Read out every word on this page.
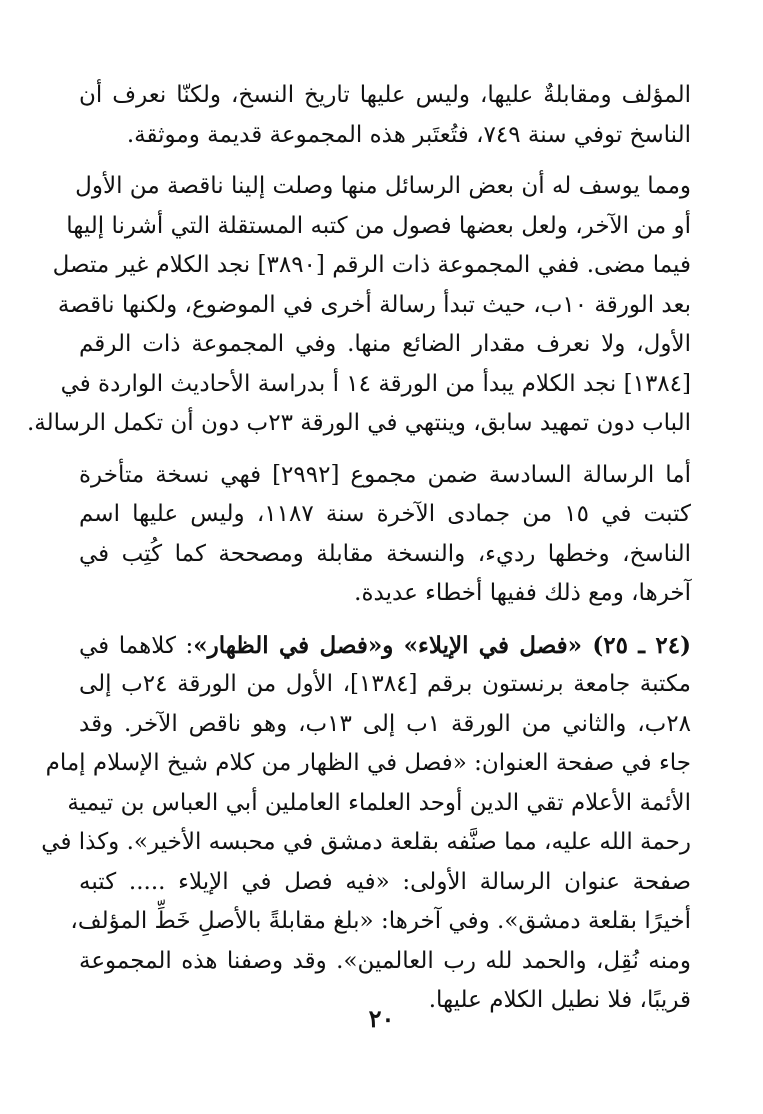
المؤلف ومقابلةٌ عليها، وليس عليها تاريخ النسخ، ولكنّا نعرف أن
الناسخ توفي سنة ٧٤٩، فتُعتَبر هذه المجموعة قديمة وموثقة.
ومما يوسف له أن بعض الرسائل منها وصلت إلينا ناقصة من الأول
أو من الآخر، ولعل بعضها فصول من كتبه المستقلة التي أشرنا إليها
فيما مضى. ففي المجموعة ذات الرقم [٣٨٩٠] نجد الكلام غير متصل
بعد الورقة ١٠ب، حيث تبدأ رسالة أخرى في الموضوع، ولكنها ناقصة
الأول، ولا نعرف مقدار الضائع منها. وفي المجموعة ذات الرقم
[١٣٨٤] نجد الكلام يبدأ من الورقة ١٤ أ بدراسة الأحاديث الواردة في
الباب دون تمهيد سابق، وينتهي في الورقة ٢٣ب دون أن تكمل الرسالة.
أما الرسالة السادسة ضمن مجموع [٢٩٩٢] فهي نسخة متأخرة
كتبت في ١٥ من جمادى الآخرة سنة ١١٨٧، وليس عليها اسم
الناسخ، وخطها رديء، والنسخة مقابلة ومصححة كما كُتِب في
آخرها، ومع ذلك ففيها أخطاء عديدة.
(٢٤ ـ ٢٥) «فصل في الإيلاء» و«فصل في الظهار»: كلاهما في
مكتبة جامعة برنستون برقم [١٣٨٤]، الأول من الورقة ٢٤ب إلى
٢٨ب، والثاني من الورقة ١ب إلى ١٣ب، وهو ناقص الآخر. وقد
جاء في صفحة العنوان: «فصل في الظهار من كلام شيخ الإسلام إمام
الأئمة الأعلام تقي الدين أوحد العلماء العاملين أبي العباس بن تيمية
رحمة الله عليه، مما صنَّفه بقلعة دمشق في محبسه الأخير». وكذا في
صفحة عنوان الرسالة الأولى: «فيه فصل في الإيلاء ..... كتبه
أخيرًا بقلعة دمشق». وفي آخرها: «بلغ مقابلةً بالأصلِ خَطِّ المؤلف،
ومنه نُقِل، والحمد لله رب العالمين». وقد وصفنا هذه المجموعة
قريبًا، فلا نطيل الكلام عليها.
٢٠
